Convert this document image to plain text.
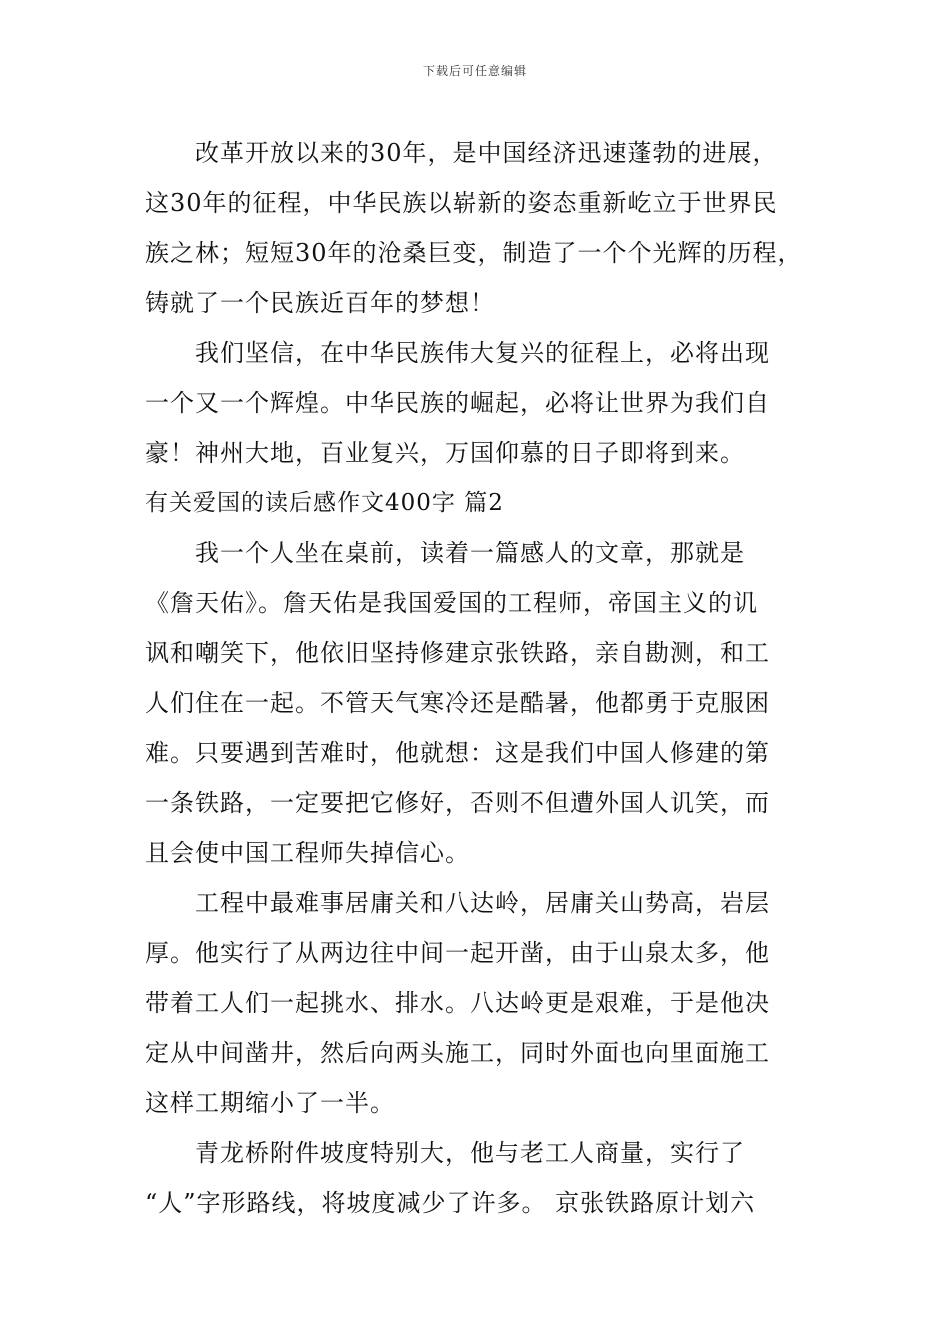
下载后可任意编辑
改革开放以来的30年，是中国经济迅速蓬勃的进展，
这30年的征程，中华民族以崭新的姿态重新屹立于世界民
族之林；短短30年的沧桑巨变，制造了一个个光辉的历程，
铸就了一个民族近百年的梦想！
我们坚信，在中华民族伟大复兴的征程上，必将出现
一个又一个辉煌。中华民族的崛起，必将让世界为我们自
豪！神州大地，百业复兴，万国仰慕的日子即将到来。
有关爱国的读后感作文400字 篇2
我一个人坐在桌前，读着一篇感人的文章，那就是
《詹天佑》。詹天佑是我国爱国的工程师，帝国主义的讥
讽和嘲笑下，他依旧坚持修建京张铁路，亲自勘测，和工
人们住在一起。不管天气寒冷还是酷暑，他都勇于克服困
难。只要遇到苦难时，他就想：这是我们中国人修建的第
一条铁路，一定要把它修好，否则不但遭外国人讥笑，而
且会使中国工程师失掉信心。
工程中最难事居庸关和八达岭，居庸关山势高，岩层
厚。他实行了从两边往中间一起开凿，由于山泉太多，他
带着工人们一起挑水、排水。八达岭更是艰难，于是他决
定从中间凿井，然后向两头施工，同时外面也向里面施工
这样工期缩小了一半。
青龙桥附件坡度特别大，他与老工人商量，实行了
“人”字形路线，将坡度减少了许多。 京张铁路原计划六
